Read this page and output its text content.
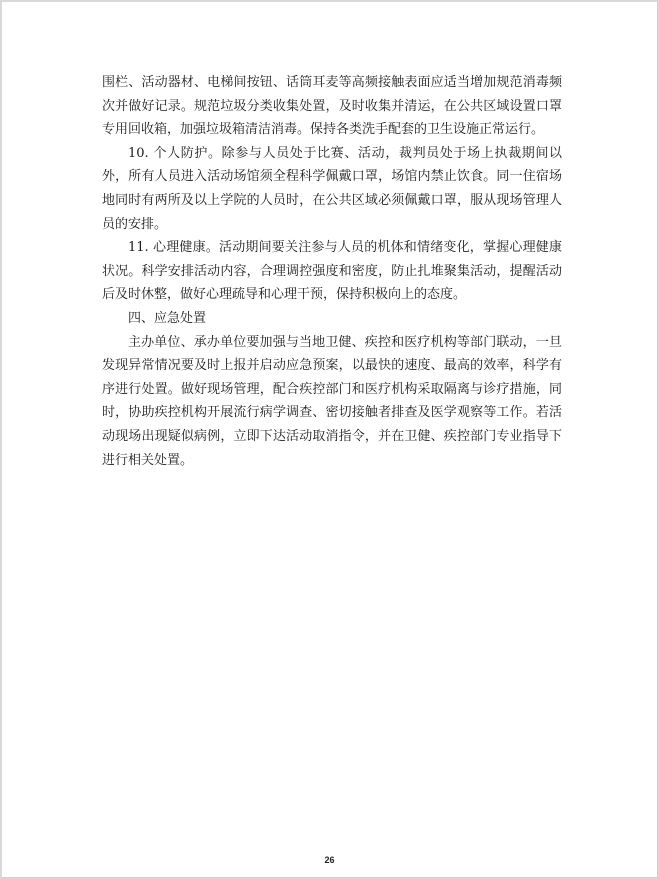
围栏、活动器材、电梯间按钮、话筒耳麦等高频接触表面应适当增加规范消毒频次并做好记录。规范垃圾分类收集处置，及时收集并清运，在公共区域设置口罩专用回收箱，加强垃圾箱清洁消毒。保持各类洗手配套的卫生设施正常运行。

10. 个人防护。除参与人员处于比赛、活动，裁判员处于场上执裁期间以外，所有人员进入活动场馆须全程科学佩戴口罩，场馆内禁止饮食。同一住宿场地同时有两所及以上学院的人员时，在公共区域必须佩戴口罩，服从现场管理人员的安排。

11. 心理健康。活动期间要关注参与人员的机体和情绪变化，掌握心理健康状况。科学安排活动内容，合理调控强度和密度，防止扎堆聚集活动，提醒活动后及时休整，做好心理疏导和心理干预，保持积极向上的态度。

四、应急处置

主办单位、承办单位要加强与当地卫健、疾控和医疗机构等部门联动，一旦发现异常情况要及时上报并启动应急预案，以最快的速度、最高的效率，科学有序进行处置。做好现场管理，配合疾控部门和医疗机构采取隔离与诊疗措施，同时，协助疾控机构开展流行病学调查、密切接触者排查及医学观察等工作。若活动现场出现疑似病例，立即下达活动取消指令，并在卫健、疾控部门专业指导下进行相关处置。

26
